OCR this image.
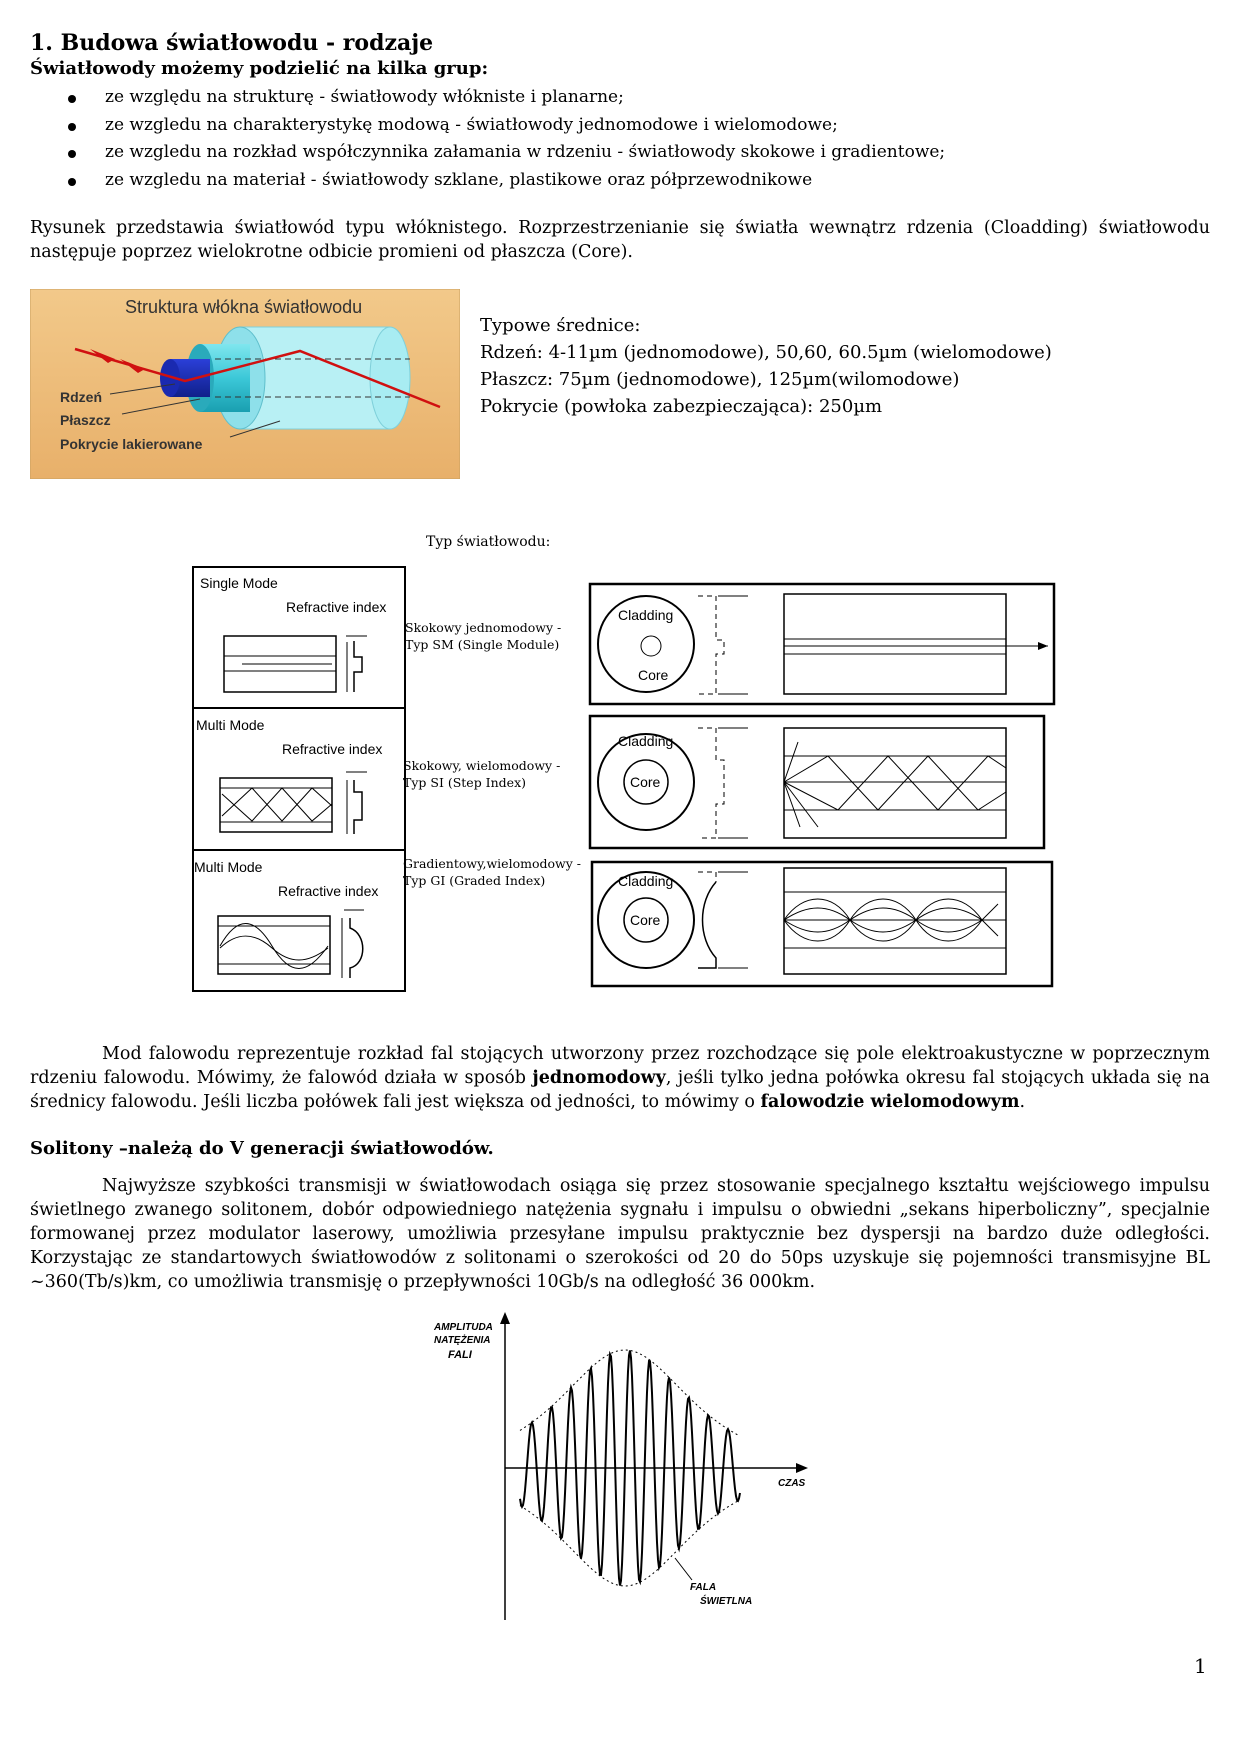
1. Budowa światłowodu - rodzaje
Światłowody możemy podzielić na kilka grup:
ze względu na strukturę - światłowody włókniste i planarne;
ze wzgledu na charakterystykę modową - światłowody jednomodowe i wielomodowe;
ze wzgledu na rozkład współczynnika załamania w rdzeniu - światłowody skokowe i gradientowe;
ze wzgledu na materiał - światłowody szklane, plastikowe oraz półprzewodnikowe
Rysunek przedstawia światłowód typu włóknistego. Rozprzestrzenianie się światła wewnątrz rdzenia (Cloadding) światłowodu następuje poprzez wielokrotne odbicie promieni od płaszcza (Core).
Struktura włókna światłowodu
Rdzeń
Płaszcz
Pokrycie lakierowane
Typowe średnice:
Rdzeń: 4-11µm (jednomodowe), 50,60, 60.5µm (wielomodowe)
Płaszcz: 75µm (jednomodowe), 125µm(wilomodowe)
Pokrycie (powłoka zabezpieczająca): 250µm
Typ światłowodu:
Single Mode
Refractive index
Multi Mode
Refractive index
Multi Mode
Refractive index
Skokowy jednomodowy - Typ SM (Single Module)
Skokowy, wielomodowy - Typ SI (Step Index)
Gradientowy,wielomodowy - Typ GI (Graded Index)
Cladding
Core
Cladding
Core
Cladding
Core
Mod falowodu reprezentuje rozkład fal stojących utworzony przez rozchodzące się pole elektroakustyczne w poprzecznym rdzeniu falowodu. Mówimy, że falowód działa w sposób jednomodowy, jeśli tylko jedna połówka okresu fal stojących układa się na średnicy falowodu. Jeśli liczba połówek fali jest większa od jedności, to mówimy o falowodzie wielomodowym.
Solitony –należą do V generacji światłowodów.
Najwyższe szybkości transmisji w światłowodach osiąga się przez stosowanie specjalnego kształtu wejściowego impulsu świetlnego zwanego solitonem, dobór odpowiedniego natężenia sygnału i impulsu o obwiedni „sekans hiperboliczny”, specjalnie formowanej przez modulator laserowy, umożliwia przesyłane impulsu praktycznie bez dyspersji na bardzo duże odległości. Korzystając ze standartowych światłowodów z solitonami o szerokości od 20 do 50ps uzyskuje się pojemności transmisyjne BL ~360(Tb/s)km, co umożliwia transmisję o przepływności 10Gb/s na odległość 36 000km.
AMPLITUDA
NATĘŻENIA
FALI
CZAS
FALA
ŚWIETLNA
1
